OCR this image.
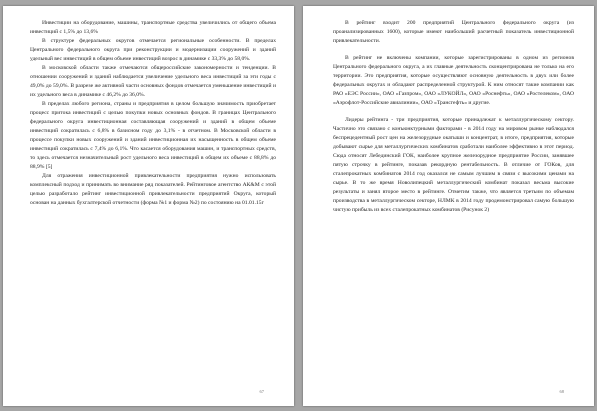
Инвестиции на оборудование, машины, транспортные средства увеличились от общего объема инвестиций с 1,5% до 13,6%

В структуре федеральных округов отмечается региональные особенности. В пределах Центрального федерального округа при реконструкции и модернизации сооружений и зданий удельный вес инвестиций в общем объеме инвестиций возрос в динамике с 33,3% до 58,0%.

В московской области также отмечаются общероссийские закономерности и тенденции. В отношении сооружений и зданий наблюдается увеличение удельного веса инвестиций за эти годы с 49,0% до 59,0%. В разрезе же активной части основных фондов отмечается уменьшение инвестиций и их удельного веса в динамике с 46,2% до 36,0%.

В пределах любого региона, страны и предприятия в целом большую значимость приобретает процесс притока инвестиций с целью покупки новых основных фондов. В границах Центрального федерального округа инвестиционная составляющая сооружений и зданий в общем объеме инвестиций сократилась с 6,8% в базисном году до 3,1% - в отчетном. В Московской области в процессе покупки новых сооружений и зданий инвестиционная их насыщенность в общем объеме инвестиций сократилась с 7,4% до 6,1%. Что касается оборудования машин, и транспортных средств, то здесь отмечается незначительный рост удельного веса инвестиций в общем их объеме с 88,8% до 88,9% [5]

Для отражения инвестиционной привлекательности предприятия нужно использовать комплексный подход и принимать во внимание ряд показателей. Рейтинговое агентство АК&М с этой целью разработало рейтинг инвестиционной привлекательности предприятий Округа, который основан на данных бухгалтерской отчетности (форма №1 и форма №2) по состоянию на 01.01.15г

67

В рейтинг входит 200 предприятий Центрального федерального округа (из проанализированных 1600), которые имеют наибольший расчетный показатель инвестиционной привлекательности.

В рейтинг не включены компании, которые зарегистрированы в одном из регионов Центрального федерального округа, а их главные деятельность сконцентрирована не только на его территории. Это предприятия, которые осуществляют основную деятельность в двух или более федеральных округах и обладают распределенной структурой. К ним относят такие компании как РАО «ЕЭС России», ОАО «Газпром», ОАО «ЛУКОЙЛ», ОАО «Роснефть», ОАО «Ростелеком», ОАО «Аэрофлот-Российские авиалинии», ОАО «Трансгефть» и другие.

Лидеры рейтинга - три предприятия, которые принадлежат к металлургическому сектору. Частично это связано с конъюнктурными факторами - в 2014 году на мировом рынке наблюдался беспрецедентный рост цен на железорудные окатыши и концентрат, в итоге, предприятия, которые добывают сырье для металлургических комбинатов сработали наиболее эффективно в этот период. Сюда относят Лебединский ГОК, наиболее крупное железорудное предприятие России, занявшее пятую строчку в рейтинге, показав рекордную рентабельность. В отличие от ГОКов, для сталепрокатных комбинатов 2014 год оказался не самым лучшим в связи с высокими ценами на сырье. В то же время Новолипецкий металлургический комбинат показал весьма высокие результаты и занял второе место в рейтинге. Отметим также, что является третьим по объемам производства в металлургическом секторе, НЛМК в 2014 году продемонстрировал самую большую чистую прибыль из всех сталепрокатных комбинатов (Рисунок 2)

68
